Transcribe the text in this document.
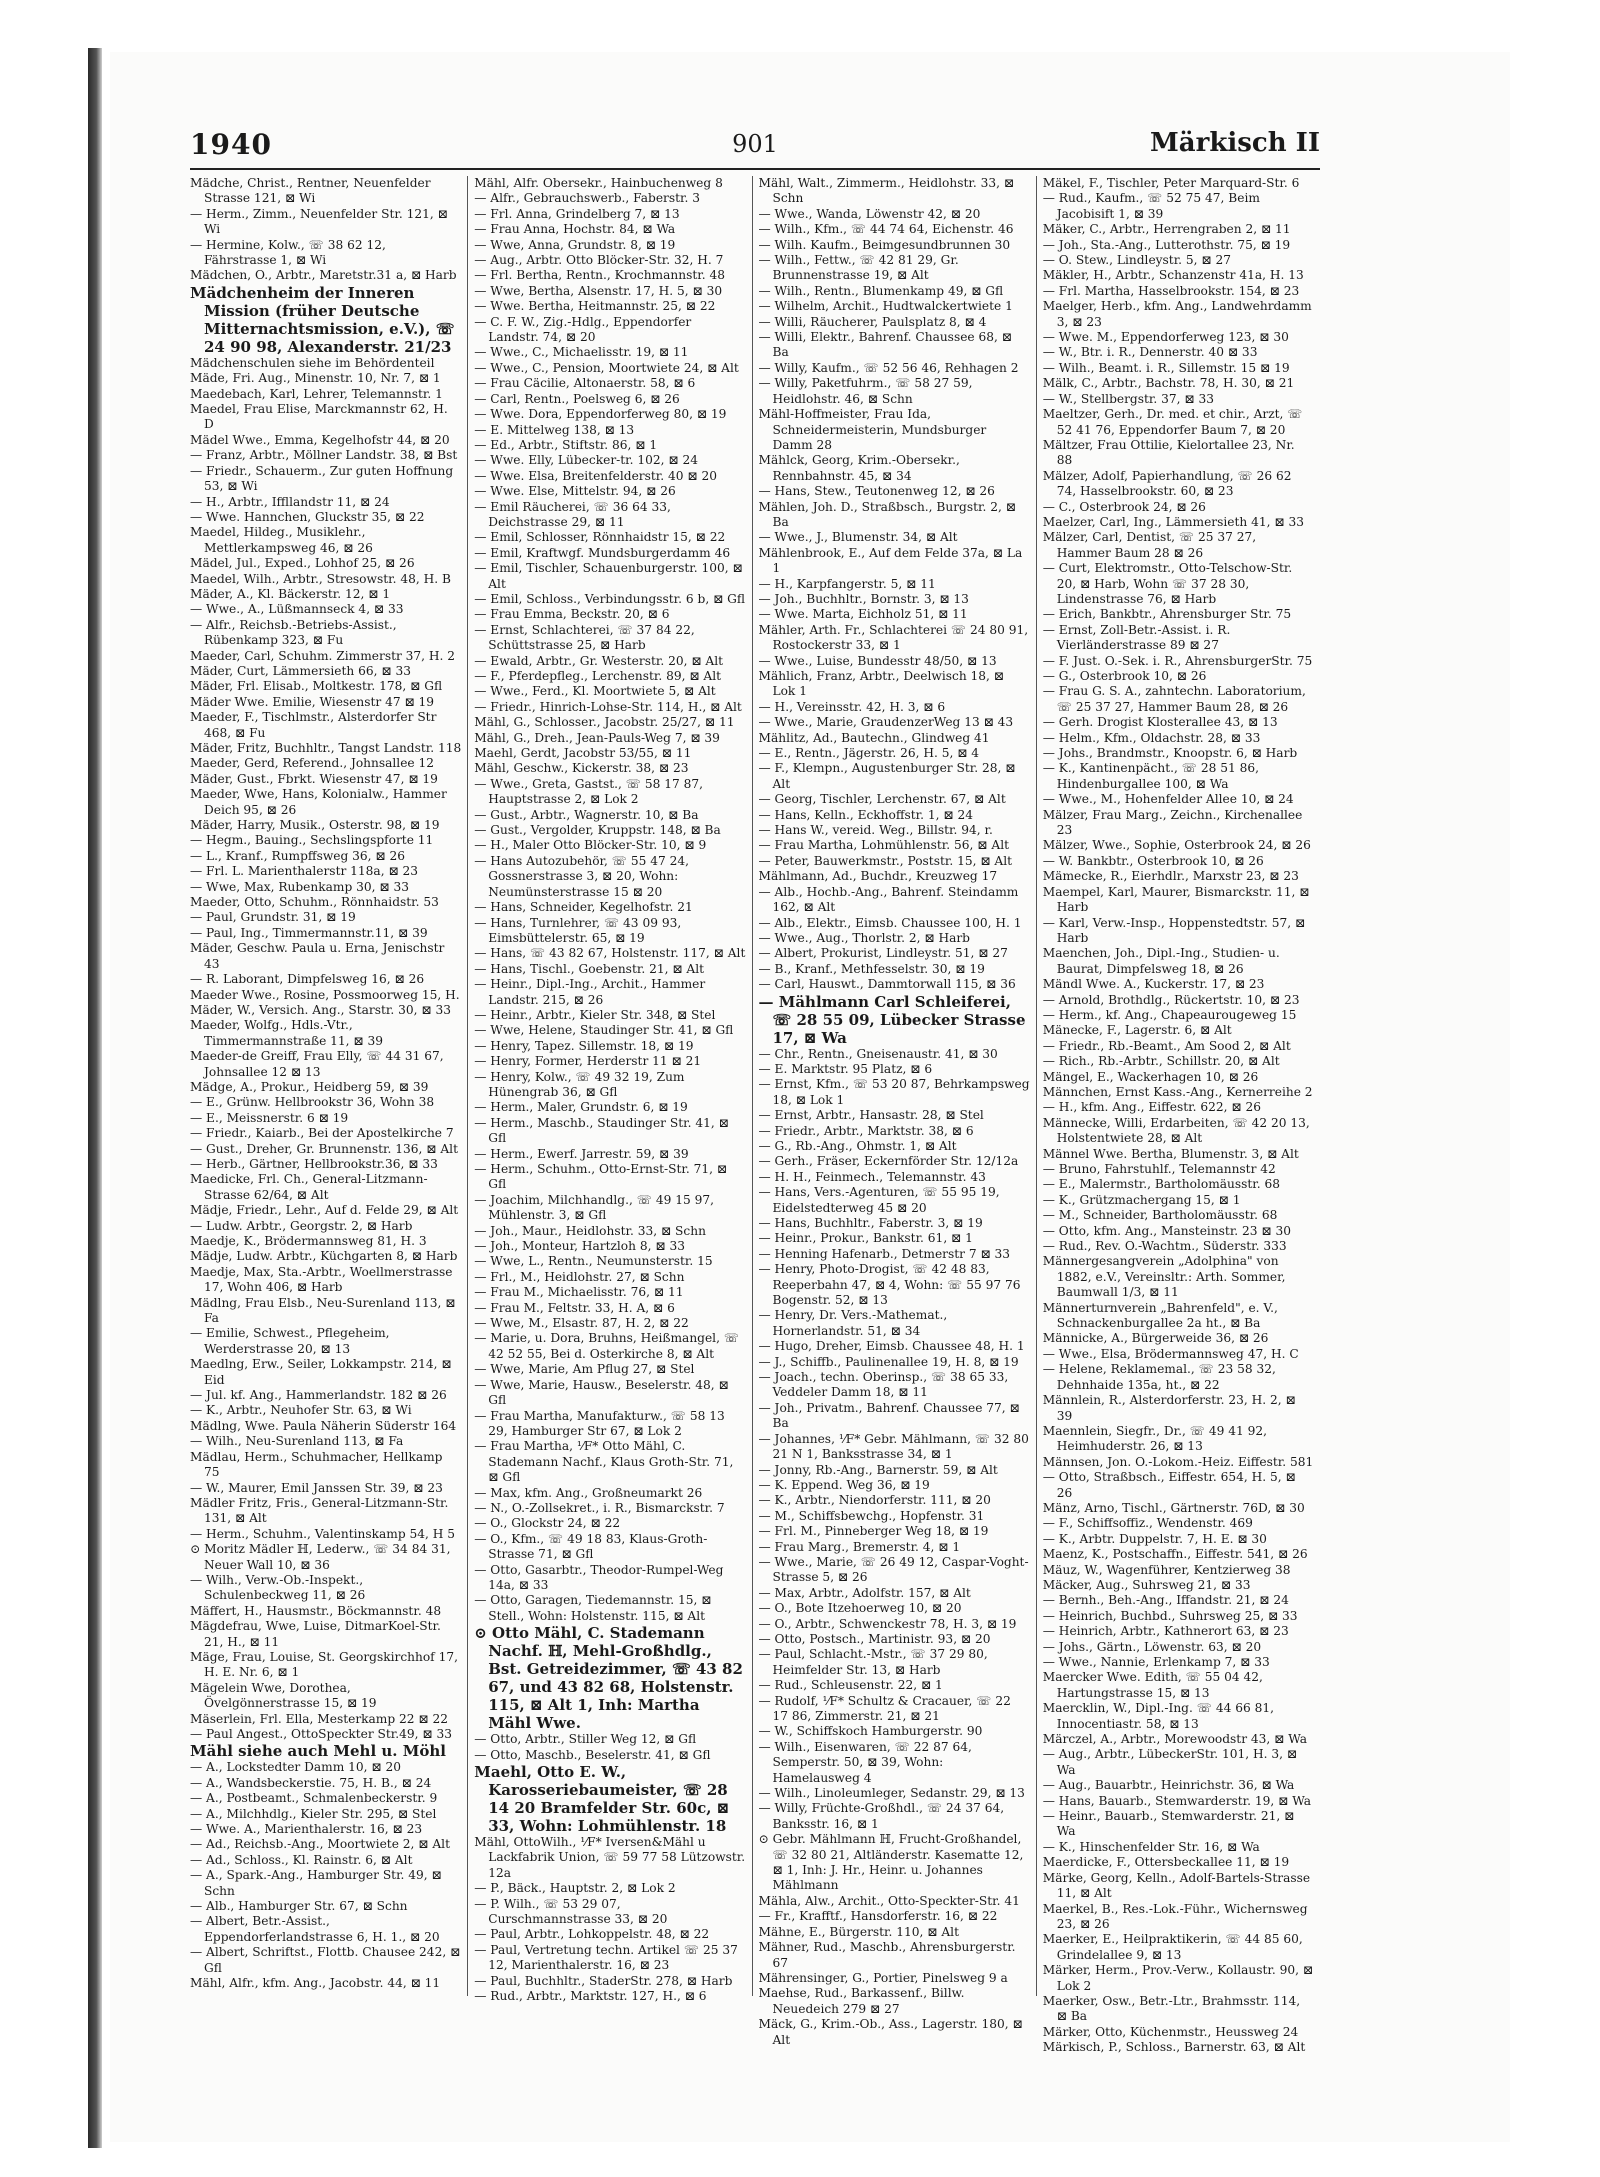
1940	901	Märkisch II
Mädche, Christ., Rentner, Neuenfelder Strasse 121, ⊠ Wi
— Herm., Zimm., Neuenfelder Str. 121, ⊠ Wi
— Hermine, Kolw., ☏ 38 62 12, Fährstrasse 1, ⊠ Wi
Mädchen, O., Arbtr., Maretstr.31 a, ⊠ Harb
Mädchenheim der Inneren Mission (früher Deutsche Mitternachtsmission, e.V.), ☏ 24 90 98, Alexanderstr. 21/23
Mädchenschulen siehe im Behördenteil
Mäde, Fri. Aug., Minenstr. 10, Nr. 7, ⊠ 1
Maedebach, Karl, Lehrer, Telemannstr. 1
Maedel, Frau Elise, Marckmannstr 62, H. D
Mädel Wwe., Emma, Kegelhofstr 44, ⊠ 20
— Franz, Arbtr., Möllner Landstr. 38, ⊠ Bst
— Friedr., Schauerm., Zur guten Hoffnung 53, ⊠ Wi
— H., Arbtr., Iffllandstr 11, ⊠ 24
— Wwe. Hannchen, Gluckstr 35, ⊠ 22
Maedel, Hildeg., Musiklehr., Mettlerkampsweg 46, ⊠ 26
Mädel, Jul., Exped., Lohhof 25, ⊠ 26
Maedel, Wilh., Arbtr., Stresowstr. 48, H. B
Mäder, A., Kl. Bäckerstr. 12, ⊠ 1
— Wwe., A., Lüßmannseck 4, ⊠ 33
— Alfr., Reichsb.-Betriebs-Assist., Rübenkamp 323, ⊠ Fu
Maeder, Carl, Schuhm. Zimmerstr 37, H. 2
Mäder, Curt, Lämmersieth 66, ⊠ 33
Mäder, Frl. Elisab., Moltkestr. 178, ⊠ Gfl
Mäder Wwe. Emilie, Wiesenstr 47 ⊠ 19
Maeder, F., Tischlmstr., Alsterdorfer Str 468, ⊠ Fu
Mäder, Fritz, Buchhltr., Tangst Landstr. 118
Maeder, Gerd, Referend., Johnsallee 12
Mäder, Gust., Fbrkt. Wiesenstr 47, ⊠ 19
Maeder, Wwe, Hans, Kolonialw., Hammer Deich 95, ⊠ 26
Mäder, Harry, Musik., Osterstr. 98, ⊠ 19
— Hegm., Bauing., Sechslingspforte 11
— L., Kranf., Rumpffsweg 36, ⊠ 26
— Frl. L. Marienthalerstr 118a, ⊠ 23
— Wwe, Max, Rubenkamp 30, ⊠ 33
Maeder, Otto, Schuhm., Rönnhaidstr. 53
— Paul, Grundstr. 31, ⊠ 19
— Paul, Ing., Timmermannstr.11, ⊠ 39
Mäder, Geschw. Paula u. Erna, Jenischstr 43
— R. Laborant, Dimpfelsweg 16, ⊠ 26
Maeder Wwe., Rosine, Possmoorweg 15, H.
Mäder, W., Versich. Ang., Starstr. 30, ⊠ 33
Maeder, Wolfg., Hdls.-Vtr., Timmermannstraße 11, ⊠ 39
Maeder-de Greiff, Frau Elly, ☏ 44 31 67, Johnsallee 12 ⊠ 13
Mädge, A., Prokur., Heidberg 59, ⊠ 39
— E., Grünw. Hellbrookstr 36, Wohn 38
— E., Meissnerstr. 6 ⊠ 19
— Friedr., Kaiarb., Bei der Apostelkirche 7
— Gust., Dreher, Gr. Brunnenstr. 136, ⊠ Alt
— Herb., Gärtner, Hellbrookstr.36, ⊠ 33
Maedicke, Frl. Ch., General-Litzmann-Strasse 62/64, ⊠ Alt
Mädje, Friedr., Lehr., Auf d. Felde 29, ⊠ Alt
— Ludw. Arbtr., Georgstr. 2, ⊠ Harb
Maedje, K., Brödermannsweg 81, H. 3
Mädje, Ludw. Arbtr., Küchgarten 8, ⊠ Harb
Maedje, Max, Sta.-Arbtr., Woellmerstrasse 17, Wohn 406, ⊠ Harb
Mädlng, Frau Elsb., Neu-Surenland 113, ⊠ Fa
— Emilie, Schwest., Pflegeheim, Werderstrasse 20, ⊠ 13
Maedlng, Erw., Seiler, Lokkampstr. 214, ⊠ Eid
— Jul. kf. Ang., Hammerlandstr. 182 ⊠ 26
— K., Arbtr., Neuhofer Str. 63, ⊠ Wi
Mädlng, Wwe. Paula Näherin Süderstr 164
— Wilh., Neu-Surenland 113, ⊠ Fa
Mädlau, Herm., Schuhmacher, Hellkamp 75
— W., Maurer, Emil Janssen Str. 39, ⊠ 23
Mädler Fritz, Fris., General-Litzmann-Str. 131, ⊠ Alt
— Herm., Schuhm., Valentinskamp 54, H 5
⊙ Moritz Mädler ℍ, Lederw., ☏ 34 84 31, Neuer Wall 10, ⊠ 36
— Wilh., Verw.-Ob.-Inspekt., Schulenbeckweg 11, ⊠ 26
Mäffert, H., Hausmstr., Böckmannstr. 48
Mägdefrau, Wwe, Luise, DitmarKoel-Str. 21, H., ⊠ 11
Mäge, Frau, Louise, St. Georgskirchhof 17, H. E. Nr. 6, ⊠ 1
Mägelein Wwe, Dorothea, Övelgönnerstrasse 15, ⊠ 19
Mäserlein, Frl. Ella, Mesterkamp 22 ⊠ 22
— Paul Angest., OttoSpeckter Str.49, ⊠ 33
Mähl siehe auch Mehl u. Möhl
— A., Lockstedter Damm 10, ⊠ 20
— A., Wandsbeckerstie. 75, H. B., ⊠ 24
— A., Postbeamt., Schmalenbeckerstr. 9
— A., Milchhdlg., Kieler Str. 295, ⊠ Stel
— Wwe. A., Marienthalerstr. 16, ⊠ 23
— Ad., Reichsb.-Ang., Moortwiete 2, ⊠ Alt
— Ad., Schloss., Kl. Rainstr. 6, ⊠ Alt
— A., Spark.-Ang., Hamburger Str. 49, ⊠ Schn
— Alb., Hamburger Str. 67, ⊠ Schn
— Albert, Betr.-Assist., Eppendorferlandstrasse 6, H. 1., ⊠ 20
— Albert, Schriftst., Flottb. Chausee 242, ⊠ Gfl
Mähl, Alfr., kfm. Ang., Jacobstr. 44, ⊠ 11
Mähl, Alfr. Obersekr., Hainbuchenweg 8
— Alfr., Gebrauchswerb., Faberstr. 3
— Frl. Anna, Grindelberg 7, ⊠ 13
— Frau Anna, Hochstr. 84, ⊠ Wa
— Wwe, Anna, Grundstr. 8, ⊠ 19
— Aug., Arbtr. Otto Blöcker-Str. 32, H. 7
— Frl. Bertha, Rentn., Krochmannstr. 48
— Wwe, Bertha, Alsenstr. 17, H. 5, ⊠ 30
— Wwe. Bertha, Heitmannstr. 25, ⊠ 22
— C. F. W., Zig.-Hdlg., Eppendorfer Landstr. 74, ⊠ 20
— Wwe., C., Michaelisstr. 19, ⊠ 11
— Wwe., C., Pension, Moortwiete 24, ⊠ Alt
— Frau Cäcilie, Altonaerstr. 58, ⊠ 6
— Carl, Rentn., Poelsweg 6, ⊠ 26
— Wwe. Dora, Eppendorferweg 80, ⊠ 19
— E. Mittelweg 138, ⊠ 13
— Ed., Arbtr., Stiftstr. 86, ⊠ 1
— Wwe. Elly, Lübecker-tr. 102, ⊠ 24
— Wwe. Elsa, Breitenfelderstr. 40 ⊠ 20
— Wwe. Else, Mittelstr. 94, ⊠ 26
— Emil Räucherei, ☏ 36 64 33, Deichstrasse 29, ⊠ 11
— Emil, Schlosser, Rönnhaidstr 15, ⊠ 22
— Emil, Kraftwgf. Mundsburgerdamm 46
— Emil, Tischler, Schauenburgerstr. 100, ⊠ Alt
— Emil, Schloss., Verbindungsstr. 6 b, ⊠ Gfl
— Frau Emma, Beckstr. 20, ⊠ 6
— Ernst, Schlachterei, ☏ 37 84 22, Schüttstrasse 25, ⊠ Harb
— Ewald, Arbtr., Gr. Westerstr. 20, ⊠ Alt
— F., Pferdepfleg., Lerchenstr. 89, ⊠ Alt
— Wwe., Ferd., Kl. Moortwiete 5, ⊠ Alt
— Friedr., Hinrich-Lohse-Str. 114, H., ⊠ Alt
Mähl, G., Schlosser., Jacobstr. 25/27, ⊠ 11
Mähl, G., Dreh., Jean-Pauls-Weg 7, ⊠ 39
Maehl, Gerdt, Jacobstr 53/55, ⊠ 11
Mähl, Geschw., Kickerstr. 38, ⊠ 23
— Wwe., Greta, Gastst., ☏ 58 17 87, Hauptstrasse 2, ⊠ Lok 2
— Gust., Arbtr., Wagnerstr. 10, ⊠ Ba
— Gust., Vergolder, Kruppstr. 148, ⊠ Ba
— H., Maler Otto Blöcker-Str. 10, ⊠ 9
— Hans Autozubehör, ☏ 55 47 24, Gossnerstrasse 3, ⊠ 20, Wohn: Neumünsterstrasse 15 ⊠ 20
— Hans, Schneider, Kegelhofstr. 21
— Hans, Turnlehrer, ☏ 43 09 93, Eimsbüttelerstr. 65, ⊠ 19
— Hans, ☏ 43 82 67, Holstenstr. 117, ⊠ Alt
— Hans, Tischl., Goebenstr. 21, ⊠ Alt
— Heinr., Dipl.-Ing., Archit., Hammer Landstr. 215, ⊠ 26
— Heinr., Arbtr., Kieler Str. 348, ⊠ Stel
— Wwe, Helene, Staudinger Str. 41, ⊠ Gfl
— Henry, Tapez. Sillemstr. 18, ⊠ 19
— Henry, Former, Herderstr 11 ⊠ 21
— Henry, Kolw., ☏ 49 32 19, Zum Hünengrab 36, ⊠ Gfl
— Herm., Maler, Grundstr. 6, ⊠ 19
— Herm., Maschb., Staudinger Str. 41, ⊠ Gfl
— Herm., Ewerf. Jarrestr. 59, ⊠ 39
— Herm., Schuhm., Otto-Ernst-Str. 71, ⊠ Gfl
— Joachim, Milchhandlg., ☏ 49 15 97, Mühlenstr. 3, ⊠ Gfl
— Joh., Maur., Heidlohstr. 33, ⊠ Schn
— Joh., Monteur, Hartzloh 8, ⊠ 33
— Wwe, L., Rentn., Neumunsterstr. 15
— Frl., M., Heidlohstr. 27, ⊠ Schn
— Frau M., Michaelisstr. 76, ⊠ 11
— Frau M., Feltstr. 33, H. A, ⊠ 6
— Wwe, M., Elsastr. 87, H. 2, ⊠ 22
— Marie, u. Dora, Bruhns, Heißmangel, ☏ 42 52 55, Bei d. Osterkirche 8, ⊠ Alt
— Wwe, Marie, Am Pflug 27, ⊠ Stel
— Wwe, Marie, Hausw., Beselerstr. 48, ⊠ Gfl
— Frau Martha, Manufakturw., ☏ 58 13 29, Hamburger Str 67, ⊠ Lok 2
— Frau Martha, ⅟F* Otto Mähl, C. Stademann Nachf., Klaus Groth-Str. 71, ⊠ Gfl
— Max, kfm. Ang., Großneumarkt 26
— N., O.-Zollsekret., i. R., Bismarckstr. 7
— O., Glockstr 24, ⊠ 22
— O., Kfm., ☏ 49 18 83, Klaus-Groth-Strasse 71, ⊠ Gfl
— Otto, Gasarbtr., Theodor-Rumpel-Weg 14a, ⊠ 33
— Otto, Garagen, Tiedemannstr. 15, ⊠ Stell., Wohn: Holstenstr. 115, ⊠ Alt
⊙ Otto Mähl, C. Stademann Nachf. ℍ, Mehl-Großhdlg., Bst. Getreidezimmer, ☏ 43 82 67, und 43 82 68, Holstenstr. 115, ⊠ Alt 1, Inh: Martha Mähl Wwe.
— Otto, Arbtr., Stiller Weg 12, ⊠ Gfl
— Otto, Maschb., Beselerstr. 41, ⊠ Gfl
Maehl, Otto E. W., Karosseriebaumeister, ☏ 28 14 20 Bramfelder Str. 60c, ⊠ 33, Wohn: Lohmühlenstr. 18
Mähl, OttoWilh., ⅟F* Iversen&Mähl u Lackfabrik Union, ☏ 59 77 58 Lützowstr. 12a
— P., Bäck., Hauptstr. 2, ⊠ Lok 2
— P. Wilh., ☏ 53 29 07, Curschmannstrasse 33, ⊠ 20
— Paul, Arbtr., Lohkoppelstr. 48, ⊠ 22
— Paul, Vertretung techn. Artikel ☏ 25 37 12, Marienthalerstr. 16, ⊠ 23
— Paul, Buchhltr., StaderStr. 278, ⊠ Harb
— Rud., Arbtr., Marktstr. 127, H., ⊠ 6
Mähl, Walt., Zimmerm., Heidlohstr. 33, ⊠ Schn
— Wwe., Wanda, Löwenstr 42, ⊠ 20
— Wilh., Kfm., ☏ 44 74 64, Eichenstr. 46
— Wilh. Kaufm., Beimgesundbrunnen 30
— Wilh., Fettw., ☏ 42 81 29, Gr. Brunnenstrasse 19, ⊠ Alt
— Wilh., Rentn., Blumenkamp 49, ⊠ Gfl
— Wilhelm, Archit., Hudtwalckertwiete 1
— Willi, Räucherer, Paulsplatz 8, ⊠ 4
— Willi, Elektr., Bahrenf. Chaussee 68, ⊠ Ba
— Willy, Kaufm., ☏ 52 56 46, Rehhagen 2
— Willy, Paketfuhrm., ☏ 58 27 59, Heidlohstr. 46, ⊠ Schn
Mähl-Hoffmeister, Frau Ida, Schneidermeisterin, Mundsburger Damm 28
Mählck, Georg, Krim.-Obersekr., Rennbahnstr. 45, ⊠ 34
— Hans, Stew., Teutonenweg 12, ⊠ 26
Mählen, Joh. D., Straßbsch., Burgstr. 2, ⊠ Ba
— Wwe., J., Blumenstr. 34, ⊠ Alt
Mählenbrook, E., Auf dem Felde 37a, ⊠ La 1
— H., Karpfangerstr. 5, ⊠ 11
— Joh., Buchhltr., Bornstr. 3, ⊠ 13
— Wwe. Marta, Eichholz 51, ⊠ 11
Mähler, Arth. Fr., Schlachterei ☏ 24 80 91, Rostockerstr 33, ⊠ 1
— Wwe., Luise, Bundesstr 48/50, ⊠ 13
Mählich, Franz, Arbtr., Deelwisch 18, ⊠ Lok 1
— H., Vereinsstr. 42, H. 3, ⊠ 6
— Wwe., Marie, GraudenzerWeg 13 ⊠ 43
Mählitz, Ad., Bautechn., Glindweg 41
— E., Rentn., Jägerstr. 26, H. 5, ⊠ 4
— F., Klempn., Augustenburger Str. 28, ⊠ Alt
— Georg, Tischler, Lerchenstr. 67, ⊠ Alt
— Hans, Kelln., Eckhoffstr. 1, ⊠ 24
— Hans W., vereid. Weg., Billstr. 94, r.
— Frau Martha, Lohmühlenstr. 56, ⊠ Alt
— Peter, Bauwerkmstr., Poststr. 15, ⊠ Alt
Mählmann, Ad., Buchdr., Kreuzweg 17
— Alb., Hochb.-Ang., Bahrenf. Steindamm 162, ⊠ Alt
— Alb., Elektr., Eimsb. Chaussee 100, H. 1
— Wwe., Aug., Thorlstr. 2, ⊠ Harb
— Albert, Prokurist, Lindleystr. 51, ⊠ 27
— B., Kranf., Methfesselstr. 30, ⊠ 19
— Carl, Hauswt., Dammtorwall 115, ⊠ 36
— Mählmann Carl Schleiferei, ☏ 28 55 09, Lübecker Strasse 17, ⊠ Wa
— Chr., Rentn., Gneisenaustr. 41, ⊠ 30
— E. Marktstr. 95 Platz, ⊠ 6
— Ernst, Kfm., ☏ 53 20 87, Behrkampsweg 18, ⊠ Lok 1
— Ernst, Arbtr., Hansastr. 28, ⊠ Stel
— Friedr., Arbtr., Marktstr. 38, ⊠ 6
— G., Rb.-Ang., Ohmstr. 1, ⊠ Alt
— Gerh., Fräser, Eckernförder Str. 12/12a
— H. H., Feinmech., Telemannstr. 43
— Hans, Vers.-Agenturen, ☏ 55 95 19, Eidelstedterweg 45 ⊠ 20
— Hans, Buchhltr., Faberstr. 3, ⊠ 19
— Heinr., Prokur., Bankstr. 61, ⊠ 1
— Henning Hafenarb., Detmerstr 7 ⊠ 33
— Henry, Photo-Drogist, ☏ 42 48 83, Reeperbahn 47, ⊠ 4, Wohn: ☏ 55 97 76 Bogenstr. 52, ⊠ 13
— Henry, Dr. Vers.-Mathemat., Hornerlandstr. 51, ⊠ 34
— Hugo, Dreher, Eimsb. Chaussee 48, H. 1
— J., Schiffb., Paulinenallee 19, H. 8, ⊠ 19
— Joach., techn. Oberinsp., ☏ 38 65 33, Veddeler Damm 18, ⊠ 11
— Joh., Privatm., Bahrenf. Chaussee 77, ⊠ Ba
— Johannes, ⅟F* Gebr. Mählmann, ☏ 32 80 21 N 1, Banksstrasse 34, ⊠ 1
— Jonny, Rb.-Ang., Barnerstr. 59, ⊠ Alt
— K. Eppend. Weg 36, ⊠ 19
— K., Arbtr., Niendorferstr. 111, ⊠ 20
— M., Schiffsbewchg., Hopfenstr. 31
— Frl. M., Pinneberger Weg 18, ⊠ 19
— Frau Marg., Bremerstr. 4, ⊠ 1
— Wwe., Marie, ☏ 26 49 12, Caspar-Voght-Strasse 5, ⊠ 26
— Max, Arbtr., Adolfstr. 157, ⊠ Alt
— O., Bote Itzehoerweg 10, ⊠ 20
— O., Arbtr., Schwenckestr 78, H. 3, ⊠ 19
— Otto, Postsch., Martinistr. 93, ⊠ 20
— Paul, Schlacht.-Mstr., ☏ 37 29 80, Heimfelder Str. 13, ⊠ Harb
— Rud., Schleusenstr. 22, ⊠ 1
— Rudolf, ⅟F* Schultz & Cracauer, ☏ 22 17 86, Zimmerstr. 21, ⊠ 21
— W., Schiffskoch Hamburgerstr. 90
— Wilh., Eisenwaren, ☏ 22 87 64, Semperstr. 50, ⊠ 39, Wohn: Hamelausweg 4
— Wilh., Linoleumleger, Sedanstr. 29, ⊠ 13
— Willy, Früchte-Großhdl., ☏ 24 37 64, Banksstr. 16, ⊠ 1
⊙ Gebr. Mählmann ℍ, Frucht-Großhandel, ☏ 32 80 21, Altländerstr. Kasematte 12, ⊠ 1, Inh: J. Hr., Heinr. u. Johannes Mählmann
Mähla, Alw., Archit., Otto-Speckter-Str. 41
— Fr., Krafftf., Hansdorferstr. 16, ⊠ 22
Mähne, E., Bürgerstr. 110, ⊠ Alt
Mähner, Rud., Maschb., Ahrensburgerstr. 67
Mährensinger, G., Portier, Pinelsweg 9 a
Maehse, Rud., Barkassenf., Billw. Neuedeich 279 ⊠ 27
Mäck, G., Krim.-Ob., Ass., Lagerstr. 180, ⊠ Alt
Mäkel, F., Tischler, Peter Marquard-Str. 6
— Rud., Kaufm., ☏ 52 75 47, Beim Jacobisift 1, ⊠ 39
Mäker, C., Arbtr., Herrengraben 2, ⊠ 11
— Joh., Sta.-Ang., Lutterothstr. 75, ⊠ 19
— O. Stew., Lindleystr. 5, ⊠ 27
Mäkler, H., Arbtr., Schanzenstr 41a, H. 13
— Frl. Martha, Hasselbrookstr. 154, ⊠ 23
Maelger, Herb., kfm. Ang., Landwehrdamm 3, ⊠ 23
— Wwe. M., Eppendorferweg 123, ⊠ 30
— W., Btr. i. R., Dennerstr. 40 ⊠ 33
— Wilh., Beamt. i. R., Sillemstr. 15 ⊠ 19
Mälk, C., Arbtr., Bachstr. 78, H. 30, ⊠ 21
— W., Stellbergstr. 37, ⊠ 33
Maeltzer, Gerh., Dr. med. et chir., Arzt, ☏ 52 41 76, Eppendorfer Baum 7, ⊠ 20
Mältzer, Frau Ottilie, Kielortallee 23, Nr. 88
Mälzer, Adolf, Papierhandlung, ☏ 26 62 74, Hasselbrookstr. 60, ⊠ 23
— C., Osterbrook 24, ⊠ 26
Maelzer, Carl, Ing., Lämmersieth 41, ⊠ 33
Mälzer, Carl, Dentist, ☏ 25 37 27, Hammer Baum 28 ⊠ 26
— Curt, Elektromstr., Otto-Telschow-Str. 20, ⊠ Harb, Wohn ☏ 37 28 30, Lindenstrasse 76, ⊠ Harb
— Erich, Bankbtr., Ahrensburger Str. 75
— Ernst, Zoll-Betr.-Assist. i. R. Vierländerstrasse 89 ⊠ 27
— F. Just. O.-Sek. i. R., AhrensburgerStr. 75
— G., Osterbrook 10, ⊠ 26
— Frau G. S. A., zahntechn. Laboratorium, ☏ 25 37 27, Hammer Baum 28, ⊠ 26
— Gerh. Drogist Klosterallee 43, ⊠ 13
— Helm., Kfm., Oldachstr. 28, ⊠ 33
— Johs., Brandmstr., Knoopstr. 6, ⊠ Harb
— K., Kantinenpächt., ☏ 28 51 86, Hindenburgallee 100, ⊠ Wa
— Wwe., M., Hohenfelder Allee 10, ⊠ 24
Mälzer, Frau Marg., Zeichn., Kirchenallee 23
Mälzer, Wwe., Sophie, Osterbrook 24, ⊠ 26
— W. Bankbtr., Osterbrook 10, ⊠ 26
Mämecke, R., Eierhdlr., Marxstr 23, ⊠ 23
Maempel, Karl, Maurer, Bismarckstr. 11, ⊠ Harb
— Karl, Verw.-Insp., Hoppenstedtstr. 57, ⊠ Harb
Maenchen, Joh., Dipl.-Ing., Studien- u. Baurat, Dimpfelsweg 18, ⊠ 26
Mändl Wwe. A., Kuckerstr. 17, ⊠ 23
— Arnold, Brothdlg., Rückertstr. 10, ⊠ 23
— Herm., kf. Ang., Chapeaurougeweg 15
Mänecke, F., Lagerstr. 6, ⊠ Alt
— Friedr., Rb.-Beamt., Am Sood 2, ⊠ Alt
— Rich., Rb.-Arbtr., Schillstr. 20, ⊠ Alt
Mängel, E., Wackerhagen 10, ⊠ 26
Männchen, Ernst Kass.-Ang., Kernerreihe 2
— H., kfm. Ang., Eiffestr. 622, ⊠ 26
Männecke, Willi, Erdarbeiten, ☏ 42 20 13, Holstentwiete 28, ⊠ Alt
Männel Wwe. Bertha, Blumenstr. 3, ⊠ Alt
— Bruno, Fahrstuhlf., Telemannstr 42
— E., Malermstr., Bartholomäusstr. 68
— K., Grützmachergang 15, ⊠ 1
— M., Schneider, Bartholomäusstr. 68
— Otto, kfm. Ang., Mansteinstr. 23 ⊠ 30
— Rud., Rev. O.-Wachtm., Süderstr. 333
Männergesangverein „Adolphina" von 1882, e.V., Vereinsltr.: Arth. Sommer, Baumwall 1/3, ⊠ 11
Männerturnverein „Bahrenfeld", e. V., Schnackenburgallee 2a ht., ⊠ Ba
Männicke, A., Bürgerweide 36, ⊠ 26
— Wwe., Elsa, Brödermannsweg 47, H. C
— Helene, Reklamemal., ☏ 23 58 32, Dehnhaide 135a, ht., ⊠ 22
Männlein, R., Alsterdorferstr. 23, H. 2, ⊠ 39
Maennlein, Siegfr., Dr., ☏ 49 41 92, Heimhuderstr. 26, ⊠ 13
Männsen, Jon. O.-Lokom.-Heiz. Eiffestr. 581
— Otto, Straßbsch., Eiffestr. 654, H. 5, ⊠ 26
Mänz, Arno, Tischl., Gärtnerstr. 76D, ⊠ 30
— F., Schiffsoffiz., Wendenstr. 469
— K., Arbtr. Duppelstr. 7, H. E. ⊠ 30
Maenz, K., Postschaffn., Eiffestr. 541, ⊠ 26
Mäuz, W., Wagenführer, Kentzierweg 38
Mäcker, Aug., Suhrsweg 21, ⊠ 33
— Bernh., Beh.-Ang., Iffandstr. 21, ⊠ 24
— Heinrich, Buchbd., Suhrsweg 25, ⊠ 33
— Heinrich, Arbtr., Kathnerort 63, ⊠ 23
— Johs., Gärtn., Löwenstr. 63, ⊠ 20
— Wwe., Nannie, Erlenkamp 7, ⊠ 33
Maercker Wwe. Edith, ☏ 55 04 42, Hartungstrasse 15, ⊠ 13
Maercklin, W., Dipl.-Ing. ☏ 44 66 81, Innocentiastr. 58, ⊠ 13
Märczel, A., Arbtr., Morewoodstr 43, ⊠ Wa
— Aug., Arbtr., LübeckerStr. 101, H. 3, ⊠ Wa
— Aug., Bauarbtr., Heinrichstr. 36, ⊠ Wa
— Hans, Bauarb., Stemwarderstr. 19, ⊠ Wa
— Heinr., Bauarb., Stemwarderstr. 21, ⊠ Wa
— K., Hinschenfelder Str. 16, ⊠ Wa
Maerdicke, F., Ottersbeckallee 11, ⊠ 19
Märke, Georg, Kelln., Adolf-Bartels-Strasse 11, ⊠ Alt
Maerkel, B., Res.-Lok.-Führ., Wichernsweg 23, ⊠ 26
Maerker, E., Heilpraktikerin, ☏ 44 85 60, Grindelallee 9, ⊠ 13
Märker, Herm., Prov.-Verw., Kollaustr. 90, ⊠ Lok 2
Maerker, Osw., Betr.-Ltr., Brahmsstr. 114, ⊠ Ba
Märker, Otto, Küchenmstr., Heussweg 24
Märkisch, P., Schloss., Barnerstr. 63, ⊠ Alt
